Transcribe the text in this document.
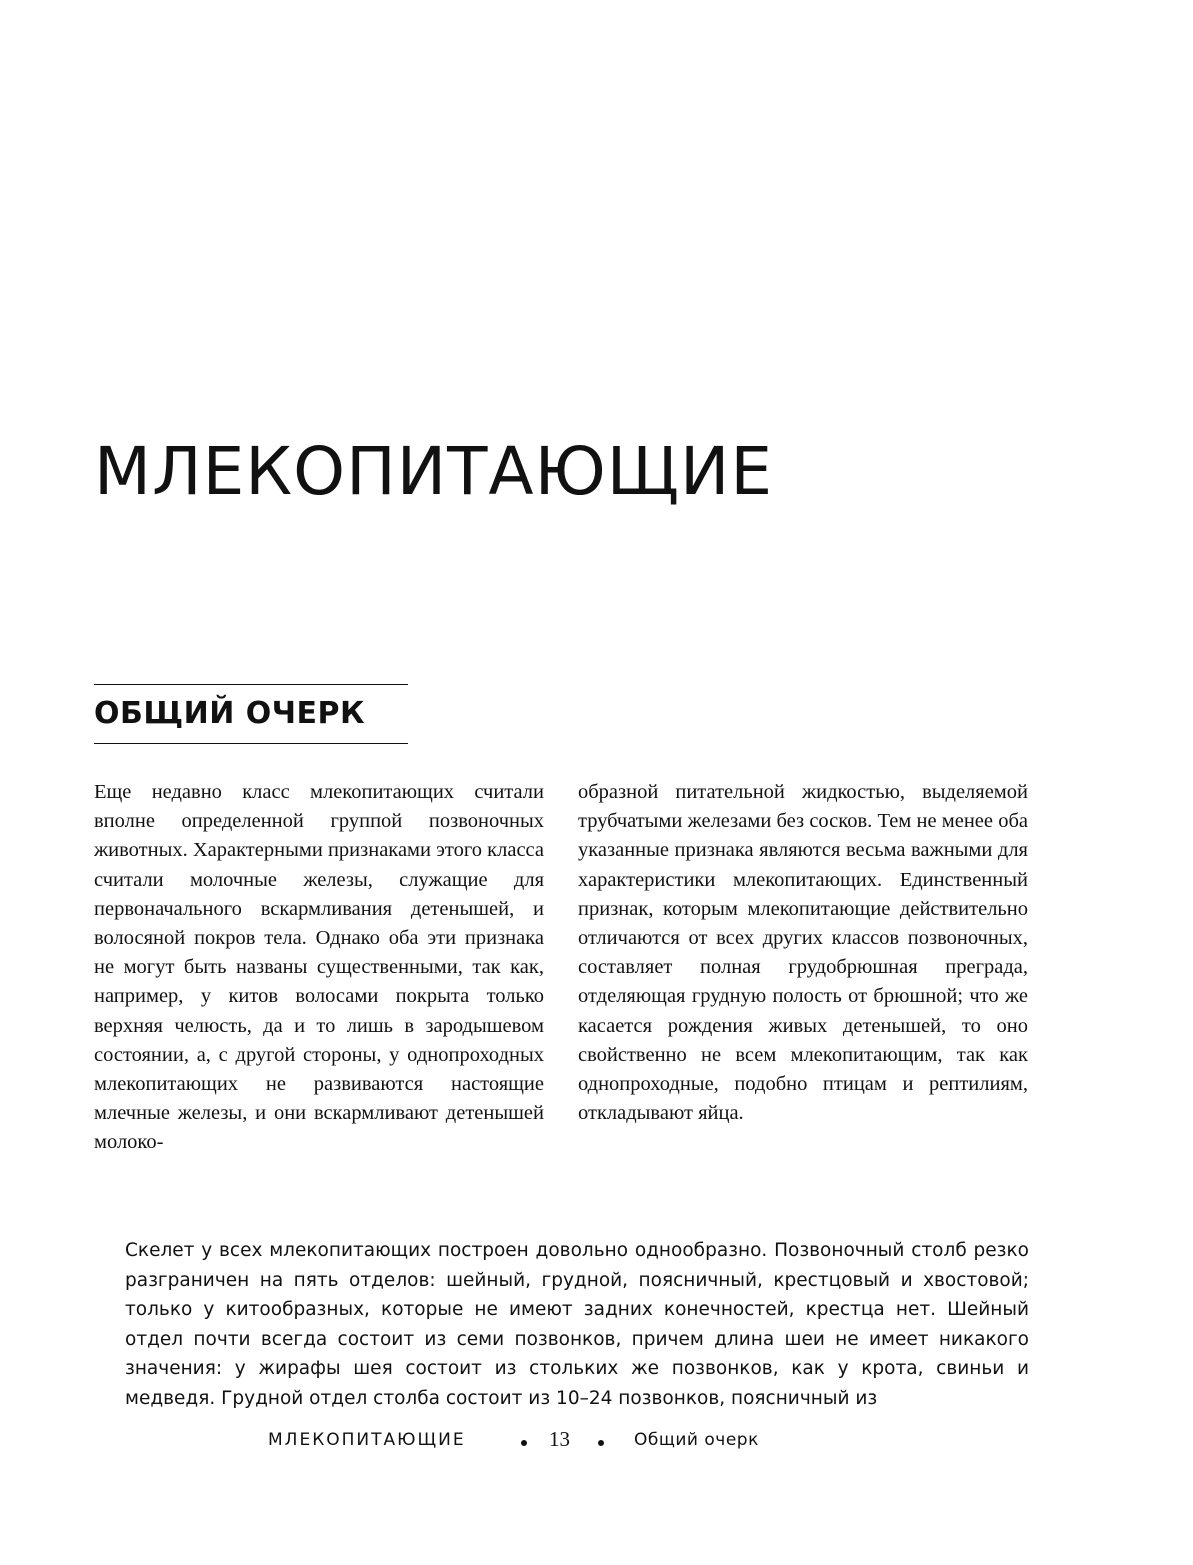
МЛЕКОПИТАЮЩИЕ
ОБЩИЙ ОЧЕРК

Еще недавно класс млекопитающих считали вполне определенной группой позвоночных животных. Характерными признаками этого класса считали молочные железы, служащие для первоначального вскармливания детенышей, и волосяной покров тела. Однако оба эти признака не могут быть названы существенными, так как, например, у китов волосами покрыта только верхняя челюсть, да и то лишь в зародышевом состоянии, а, с другой стороны, у однопроходных млекопитающих не развиваются настоящие млечные железы, и они вскармливают детенышей молоко-

образной питательной жидкостью, выделяемой трубчатыми железами без сосков. Тем не менее оба указанные признака являются весьма важными для характеристики млекопитающих. Единственный признак, которым млекопитающие действительно отличаются от всех других классов позвоночных, составляет полная грудобрюшная преграда, отделяющая грудную полость от брюшной; что же касается рождения живых детенышей, то оно свойственно не всем млекопитающим, так как однопроходные, подобно птицам и рептилиям, откладывают яйца.

Скелет у всех млекопитающих построен довольно однообразно. Позвоночный столб резко разграничен на пять отделов: шейный, грудной, поясничный, крестцовый и хвостовой; только у китообразных, которые не имеют задних конечностей, крестца нет. Шейный отдел почти всегда состоит из семи позвонков, причем длина шеи не имеет никакого значения: у жирафы шея состоит из стольких же позвонков, как у крота, свиньи и медведя. Грудной отдел столба состоит из 10–24 позвонков, поясничный из

МЛЕКОПИТАЮЩИЕ	13	Общий очерк
